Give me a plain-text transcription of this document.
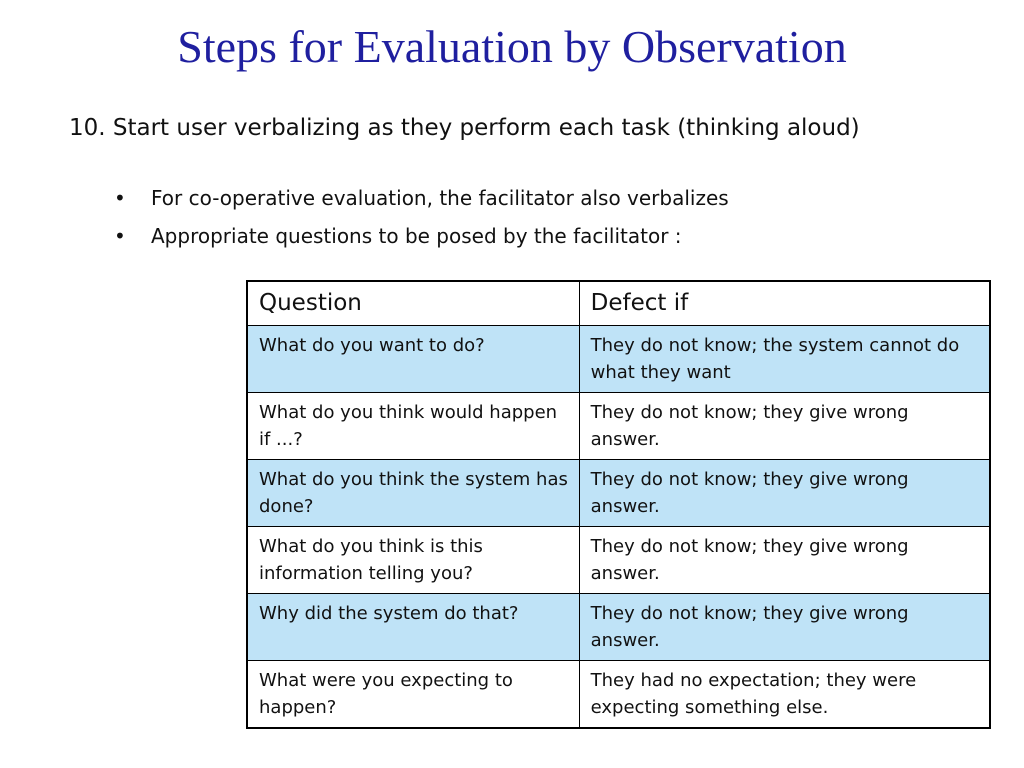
Steps for Evaluation by Observation
10. Start user verbalizing as they perform each task (thinking aloud)
• For co-operative evaluation, the facilitator also verbalizes
• Appropriate questions to be posed by the facilitator :
Question	Defect if
What do you want to do?	They do not know; the system cannot do what they want
What do you think would happen if ...?	They do not know; they give wrong answer.
What do you think the system has done?	They do not know; they give wrong answer.
What do you think is this information telling you?	They do not know; they give wrong answer.
Why did the system do that?	They do not know; they give wrong answer.
What were you expecting to happen?	They had no expectation; they were expecting something else.
